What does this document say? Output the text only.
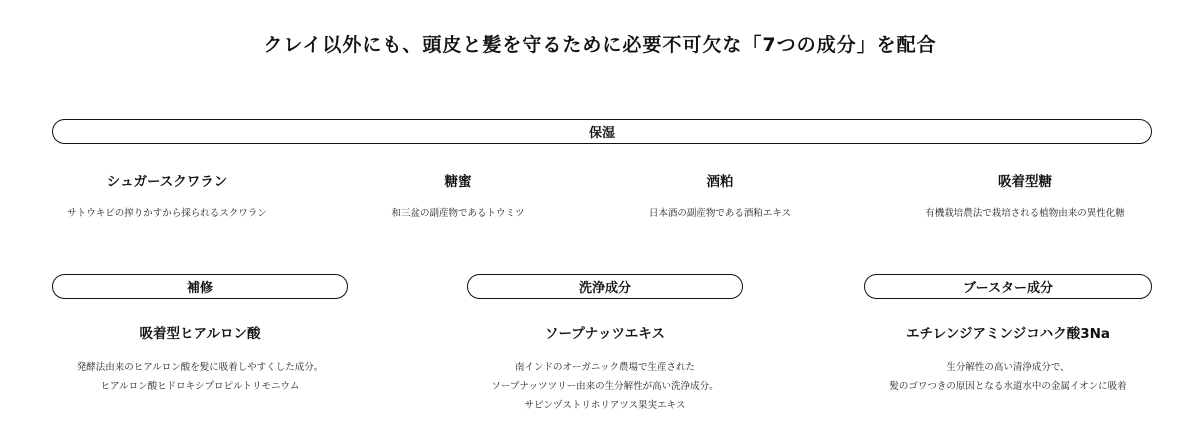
クレイ以外にも、頭皮と髪を守るために必要不可欠な「7つの成分」を配合
保湿
シュガースクワラン
サトウキビの搾りかすから採られるスクワラン
糖蜜
和三盆の副産物であるトウミツ
酒粕
日本酒の副産物である酒粕エキス
吸着型糖
有機栽培農法で栽培される植物由来の異性化糖
補修
吸着型ヒアルロン酸
発酵法由来のヒアルロン酸を髪に吸着しやすくした成分。
ヒアルロン酸ヒドロキシプロピルトリモニウム
洗浄成分
ソープナッツエキス
南インドのオーガニック農場で生産された
ソープナッツツリー由来の生分解性が高い洗浄成分。
サピンヅストリホリアツス果実エキス
ブースター成分
エチレンジアミンジコハク酸3Na
生分解性の高い清浄成分で、
髪のゴワつきの原因となる水道水中の金属イオンに吸着
